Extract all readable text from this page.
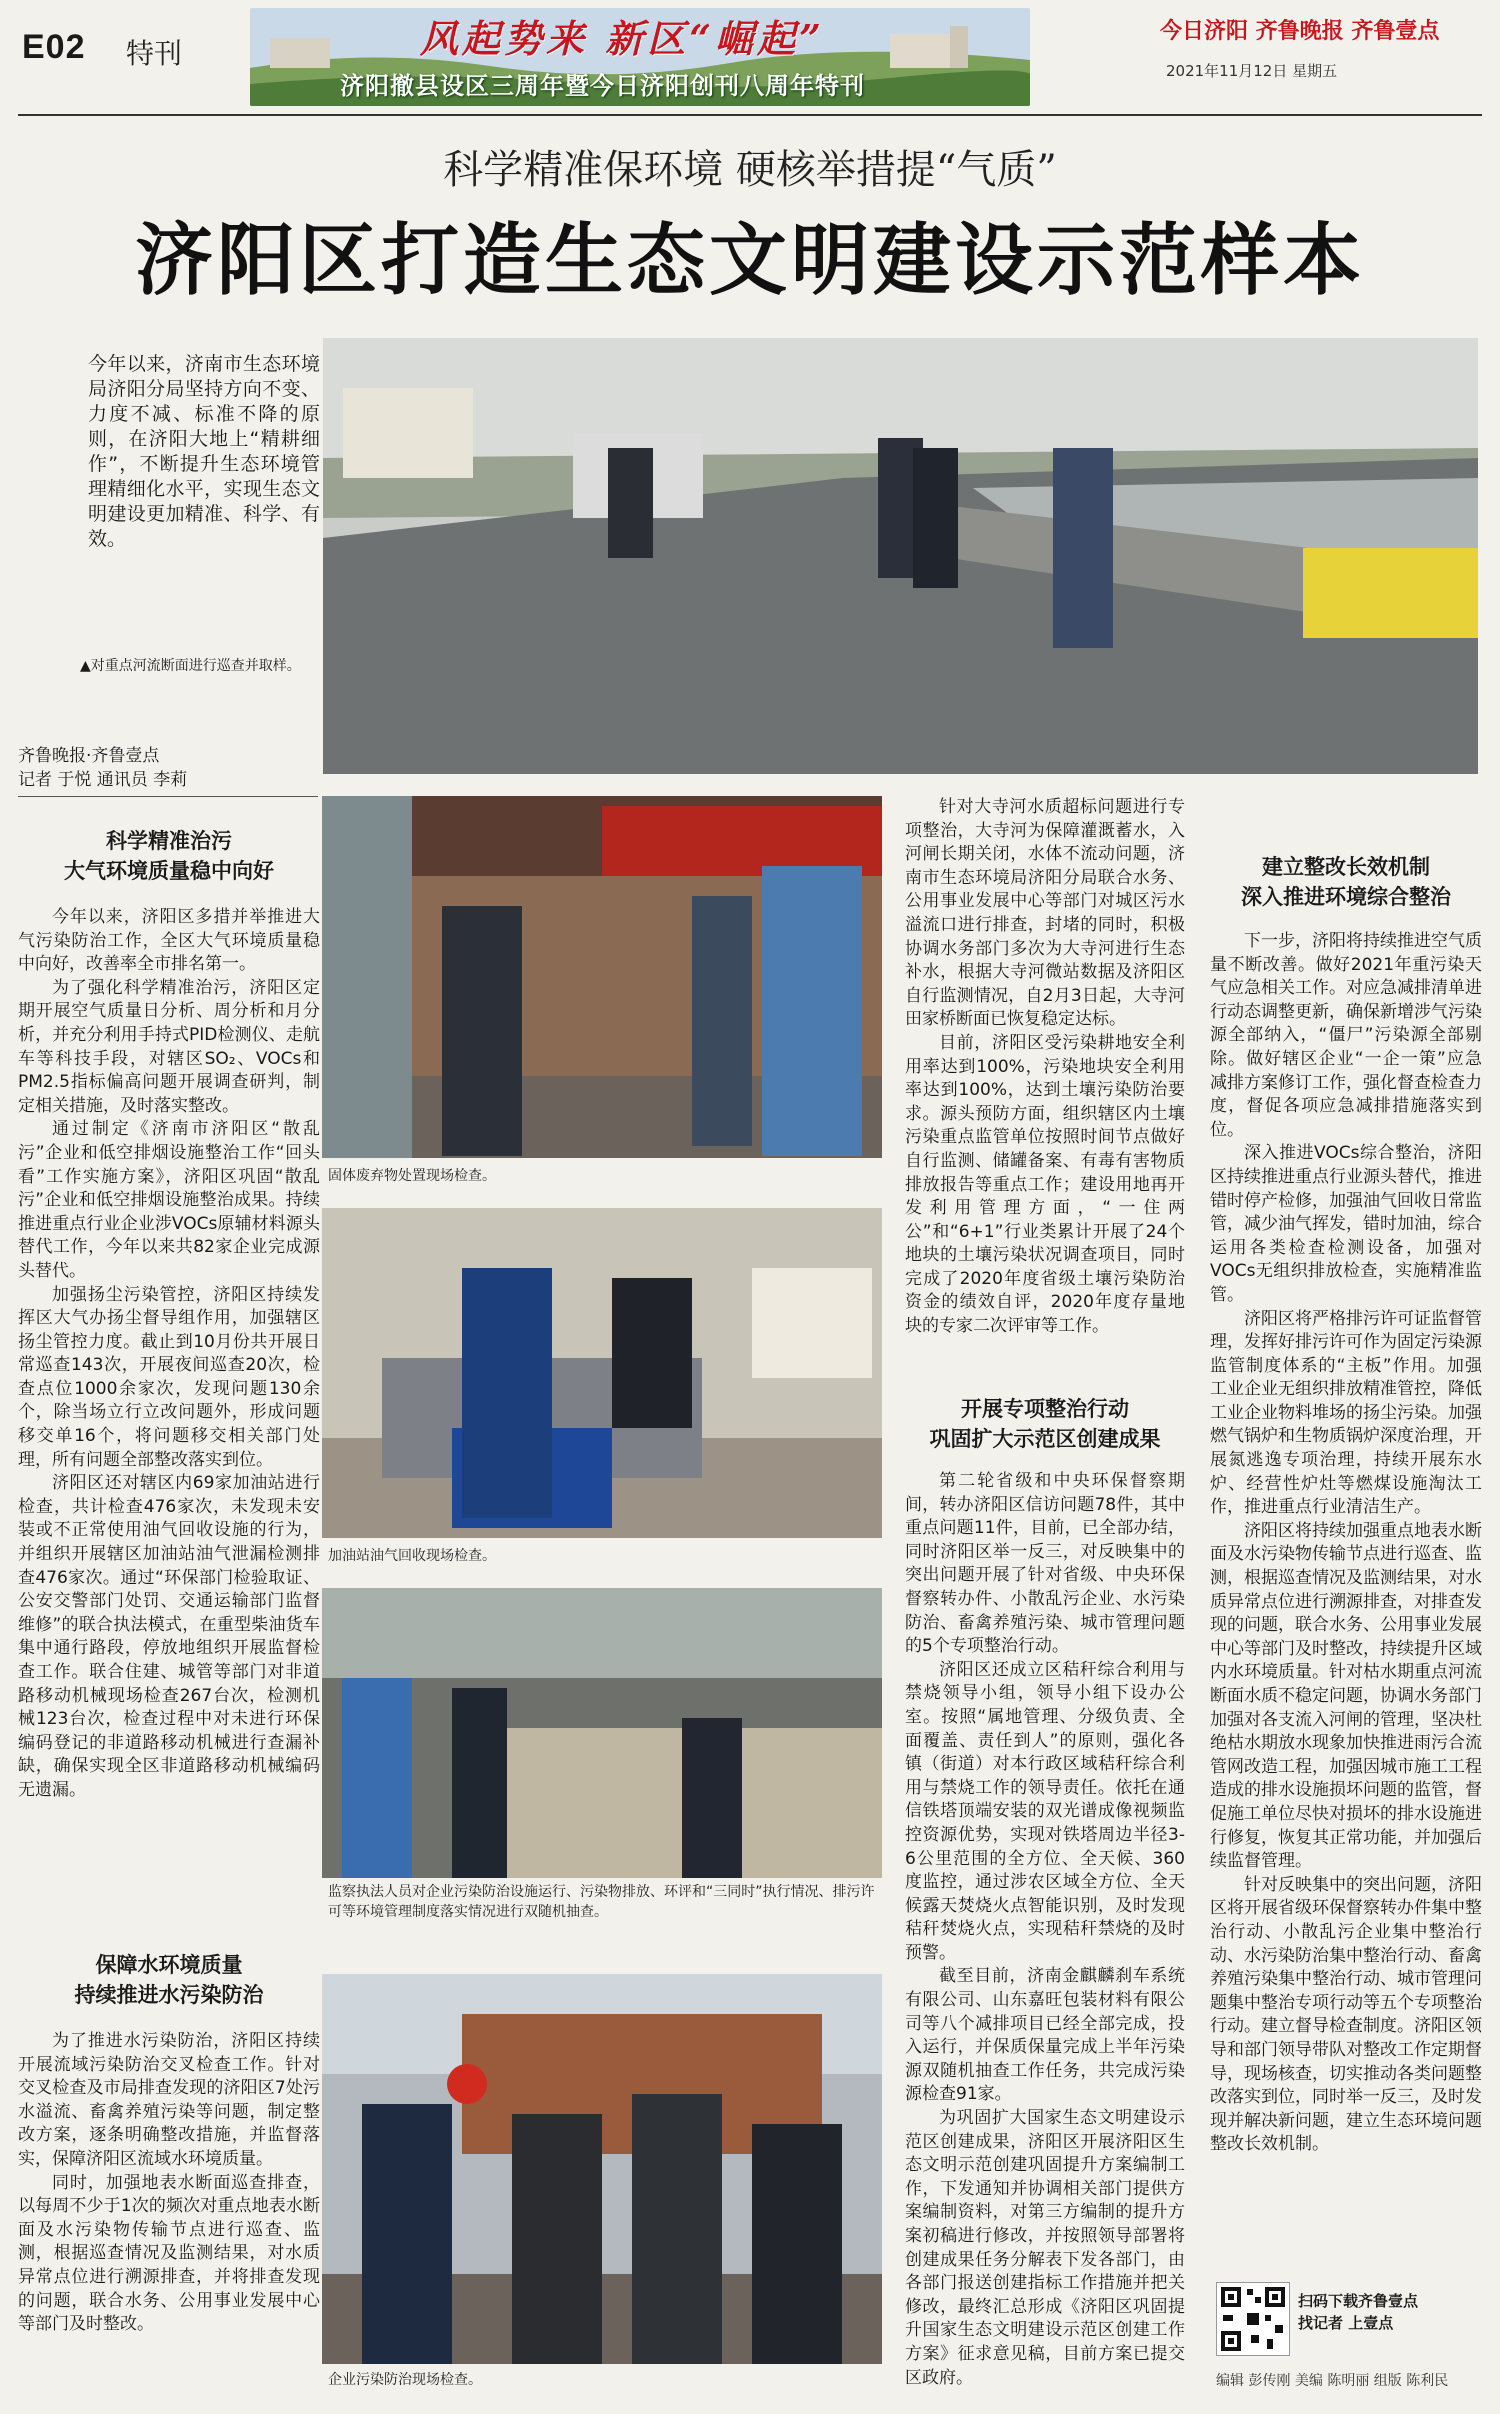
E02 特刊	风起势来 新区“崛起”
济阳撤县设区三周年暨今日济阳创刊八周年特刊
今日济阳 齐鲁晚报 齐鲁壹点
2021年11月12日 星期五
科学精准保环境 硬核举措提“气质”
济阳区打造生态文明建设示范样本
今年以来，济南市生态环境局济阳分局坚持方向不变、力度不减、标准不降的原则，在济阳大地上“精耕细作”，不断提升生态环境管理精细化水平，实现生态文明建设更加精准、科学、有效。
▲对重点河流断面进行巡查并取样。
齐鲁晚报·齐鲁壹点
记者 于悦 通讯员 李莉
固体废弃物处置现场检查。
加油站油气回收现场检查。
监察执法人员对企业污染防治设施运行、污染物排放、环评和“三同时”执行情况、排污许可等环境管理制度落实情况进行双随机抽查。
企业污染防治现场检查。
科学精准治污
大气环境质量稳中向好

今年以来，济阳区多措并举推进大气污染防治工作，全区大气环境质量稳中向好，改善率全市排名第一。

为了强化科学精准治污，济阳区定期开展空气质量日分析、周分析和月分析，并充分利用手持式PID检测仪、走航车等科技手段，对辖区SO₂、VOCs和PM2.5指标偏高问题开展调查研判，制定相关措施，及时落实整改。

通过制定《济南市济阳区“散乱污”企业和低空排烟设施整治工作“回头看”工作实施方案》，济阳区巩固“散乱污”企业和低空排烟设施整治成果。持续推进重点行业企业涉VOCs原辅材料源头替代工作，今年以来共82家企业完成源头替代。

加强扬尘污染管控，济阳区持续发挥区大气办扬尘督导组作用，加强辖区扬尘管控力度。截止到10月份共开展日常巡查143次，开展夜间巡查20次，检查点位1000余家次，发现问题130余个，除当场立行立改问题外，形成问题移交单16个，将问题移交相关部门处理，所有问题全部整改落实到位。

济阳区还对辖区内69家加油站进行检查，共计检查476家次，未发现未安装或不正常使用油气回收设施的行为，并组织开展辖区加油站油气泄漏检测排查476家次。通过“环保部门检验取证、公安交警部门处罚、交通运输部门监督维修”的联合执法模式，在重型柴油货车集中通行路段，停放地组织开展监督检查工作。联合住建、城管等部门对非道路移动机械现场检查267台次，检测机械123台次，检查过程中对未进行环保编码登记的非道路移动机械进行查漏补缺，确保实现全区非道路移动机械编码无遗漏。

保障水环境质量
持续推进水污染防治

为了推进水污染防治，济阳区持续开展流域污染防治交叉检查工作。针对交叉检查及市局排查发现的济阳区7处污水溢流、畜禽养殖污染等问题，制定整改方案，逐条明确整改措施，并监督落实，保障济阳区流域水环境质量。

同时，加强地表水断面巡查排查，以每周不少于1次的频次对重点地表水断面及水污染物传输节点进行巡查、监测，根据巡查情况及监测结果，对水质异常点位进行溯源排查，并将排查发现的问题，联合水务、公用事业发展中心等部门及时整改。

针对大寺河水质超标问题进行专项整治，大寺河为保障灌溉蓄水，入河闸长期关闭，水体不流动问题，济南市生态环境局济阳分局联合水务、公用事业发展中心等部门对城区污水溢流口进行排查，封堵的同时，积极协调水务部门多次为大寺河进行生态补水，根据大寺河微站数据及济阳区自行监测情况，自2月3日起，大寺河田家桥断面已恢复稳定达标。

目前，济阳区受污染耕地安全利用率达到100%，污染地块安全利用率达到100%，达到土壤污染防治要求。源头预防方面，组织辖区内土壤污染重点监管单位按照时间节点做好自行监测、储罐备案、有毒有害物质排放报告等重点工作；建设用地再开发利用管理方面，“一住两公”和“6+1”行业类累计开展了24个地块的土壤污染状况调查项目，同时完成了2020年度省级土壤污染防治资金的绩效自评，2020年度存量地块的专家二次评审等工作。

开展专项整治行动
巩固扩大示范区创建成果

第二轮省级和中央环保督察期间，转办济阳区信访问题78件，其中重点问题11件，目前，已全部办结，同时济阳区举一反三，对反映集中的突出问题开展了针对省级、中央环保督察转办件、小散乱污企业、水污染防治、畜禽养殖污染、城市管理问题的5个专项整治行动。

济阳区还成立区秸秆综合利用与禁烧领导小组，领导小组下设办公室。按照“属地管理、分级负责、全面覆盖、责任到人”的原则，强化各镇（街道）对本行政区域秸秆综合利用与禁烧工作的领导责任。依托在通信铁塔顶端安装的双光谱成像视频监控资源优势，实现对铁塔周边半径3-6公里范围的全方位、全天候、360度监控，通过涉农区域全方位、全天候露天焚烧火点智能识别，及时发现秸秆焚烧火点，实现秸秆禁烧的及时预警。

截至目前，济南金麒麟刹车系统有限公司、山东嘉旺包装材料有限公司等八个减排项目已经全部完成，投入运行，并保质保量完成上半年污染源双随机抽查工作任务，共完成污染源检查91家。

为巩固扩大国家生态文明建设示范区创建成果，济阳区开展济阳区生态文明示范创建巩固提升方案编制工作，下发通知并协调相关部门提供方案编制资料，对第三方编制的提升方案初稿进行修改，并按照领导部署将创建成果任务分解表下发各部门，由各部门报送创建指标工作措施并把关修改，最终汇总形成《济阳区巩固提升国家生态文明建设示范区创建工作方案》征求意见稿，目前方案已提交区政府。

建立整改长效机制
深入推进环境综合整治

下一步，济阳将持续推进空气质量不断改善。做好2021年重污染天气应急相关工作。对应急减排清单进行动态调整更新，确保新增涉气污染源全部纳入，“僵尸”污染源全部剔除。做好辖区企业“一企一策”应急减排方案修订工作，强化督查检查力度，督促各项应急减排措施落实到位。

深入推进VOCs综合整治，济阳区持续推进重点行业源头替代，推进错时停产检修，加强油气回收日常监管，减少油气挥发，错时加油，综合运用各类检查检测设备，加强对VOCs无组织排放检查，实施精准监管。

济阳区将严格排污许可证监督管理，发挥好排污许可作为固定污染源监管制度体系的“主板”作用。加强工业企业无组织排放精准管控，降低工业企业物料堆场的扬尘污染。加强燃气锅炉和生物质锅炉深度治理，开展氮逃逸专项治理，持续开展东水炉、经营性炉灶等燃煤设施淘汰工作，推进重点行业清洁生产。

济阳区将持续加强重点地表水断面及水污染物传输节点进行巡查、监测，根据巡查情况及监测结果，对水质异常点位进行溯源排查，对排查发现的问题，联合水务、公用事业发展中心等部门及时整改，持续提升区域内水环境质量。针对枯水期重点河流断面水质不稳定问题，协调水务部门加强对各支流入河闸的管理，坚决杜绝枯水期放水现象加快推进雨污合流管网改造工程，加强因城市施工工程造成的排水设施损坏问题的监管，督促施工单位尽快对损坏的排水设施进行修复，恢复其正常功能，并加强后续监督管理。

针对反映集中的突出问题，济阳区将开展省级环保督察转办件集中整治行动、小散乱污企业集中整治行动、水污染防治集中整治行动、畜禽养殖污染集中整治行动、城市管理问题集中整治专项行动等五个专项整治行动。建立督导检查制度。济阳区领导和部门领导带队对整改工作定期督导，现场核查，切实推动各类问题整改落实到位，同时举一反三，及时发现并解决新问题，建立生态环境问题整改长效机制。

扫码下载齐鲁壹点
找记者 上壹点
编辑 彭传刚 美编 陈明丽 组版 陈利民
